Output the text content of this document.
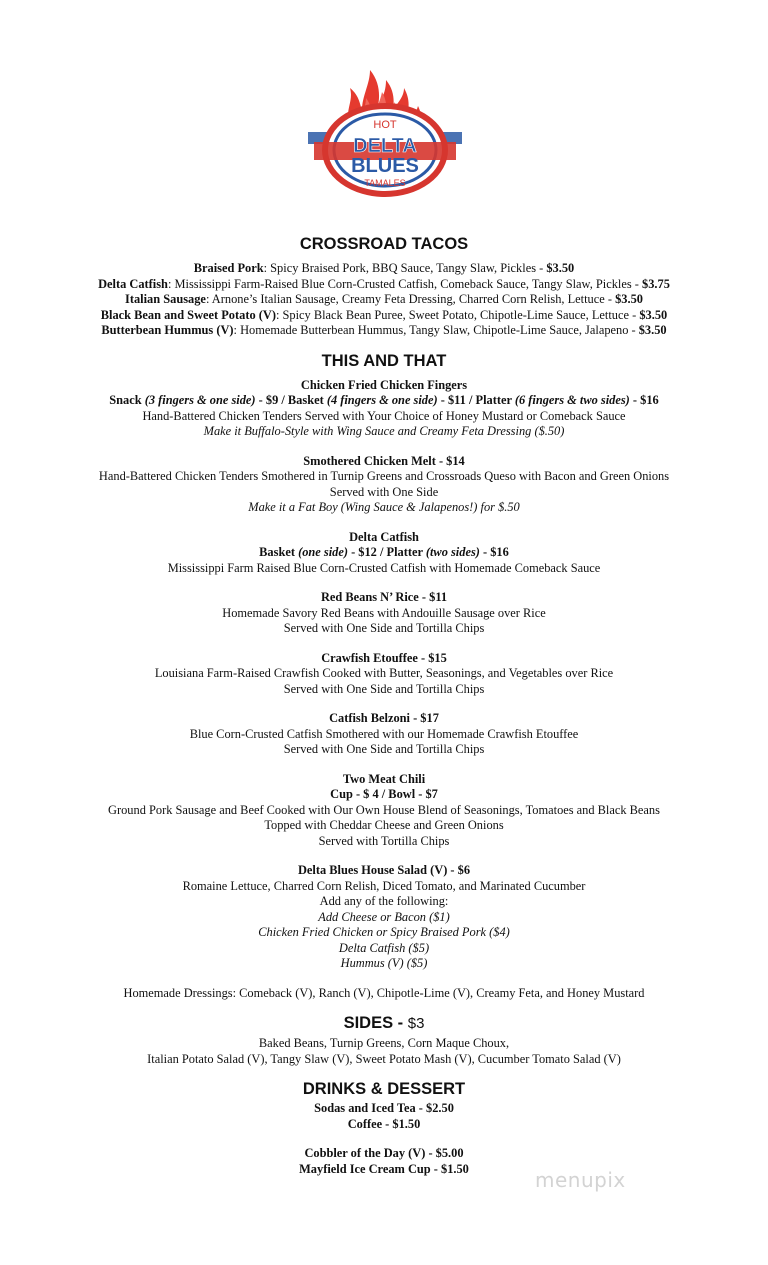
HOT
DELTA
BLUES
TAMALES
CROSSROAD TACOS
Braised Pork: Spicy Braised Pork, BBQ Sauce, Tangy Slaw, Pickles - $3.50
Delta Catfish: Mississippi Farm-Raised Blue Corn-Crusted Catfish, Comeback Sauce, Tangy Slaw, Pickles - $3.75
Italian Sausage: Arnone’s Italian Sausage, Creamy Feta Dressing, Charred Corn Relish, Lettuce - $3.50
Black Bean and Sweet Potato (V): Spicy Black Bean Puree, Sweet Potato, Chipotle-Lime Sauce, Lettuce - $3.50
Butterbean Hummus (V): Homemade Butterbean Hummus, Tangy Slaw, Chipotle-Lime Sauce, Jalapeno - $3.50
THIS AND THAT
Chicken Fried Chicken Fingers
Snack (3 fingers & one side) - $9 / Basket (4 fingers & one side) - $11 / Platter (6 fingers & two sides) - $16
Hand-Battered Chicken Tenders Served with Your Choice of Honey Mustard or Comeback Sauce
Make it Buffalo-Style with Wing Sauce and Creamy Feta Dressing ($.50)
Smothered Chicken Melt - $14
Hand-Battered Chicken Tenders Smothered in Turnip Greens and Crossroads Queso with Bacon and Green Onions
Served with One Side
Make it a Fat Boy (Wing Sauce & Jalapenos!) for $.50
Delta Catfish
Basket (one side) - $12 / Platter (two sides) - $16
Mississippi Farm Raised Blue Corn-Crusted Catfish with Homemade Comeback Sauce
Red Beans N’ Rice - $11
Homemade Savory Red Beans with Andouille Sausage over Rice
Served with One Side and Tortilla Chips
Crawfish Etouffee - $15
Louisiana Farm-Raised Crawfish Cooked with Butter, Seasonings, and Vegetables over Rice
Served with One Side and Tortilla Chips
Catfish Belzoni - $17
Blue Corn-Crusted Catfish Smothered with our Homemade Crawfish Etouffee
Served with One Side and Tortilla Chips
Two Meat Chili
Cup - $ 4 / Bowl - $7
Ground Pork Sausage and Beef Cooked with Our Own House Blend of Seasonings, Tomatoes and Black Beans
Topped with Cheddar Cheese and Green Onions
Served with Tortilla Chips
Delta Blues House Salad (V) - $6
Romaine Lettuce, Charred Corn Relish, Diced Tomato, and Marinated Cucumber
Add any of the following:
Add Cheese or Bacon ($1)
Chicken Fried Chicken or Spicy Braised Pork ($4)
Delta Catfish ($5)
Hummus (V) ($5)
Homemade Dressings: Comeback (V), Ranch (V), Chipotle-Lime (V), Creamy Feta, and Honey Mustard
SIDES - $3
Baked Beans, Turnip Greens, Corn Maque Choux,
Italian Potato Salad (V), Tangy Slaw (V), Sweet Potato Mash (V), Cucumber Tomato Salad (V)
DRINKS & DESSERT
Sodas and Iced Tea - $2.50
Coffee - $1.50
Cobbler of the Day (V) - $5.00
Mayfield Ice Cream Cup - $1.50	menupix
